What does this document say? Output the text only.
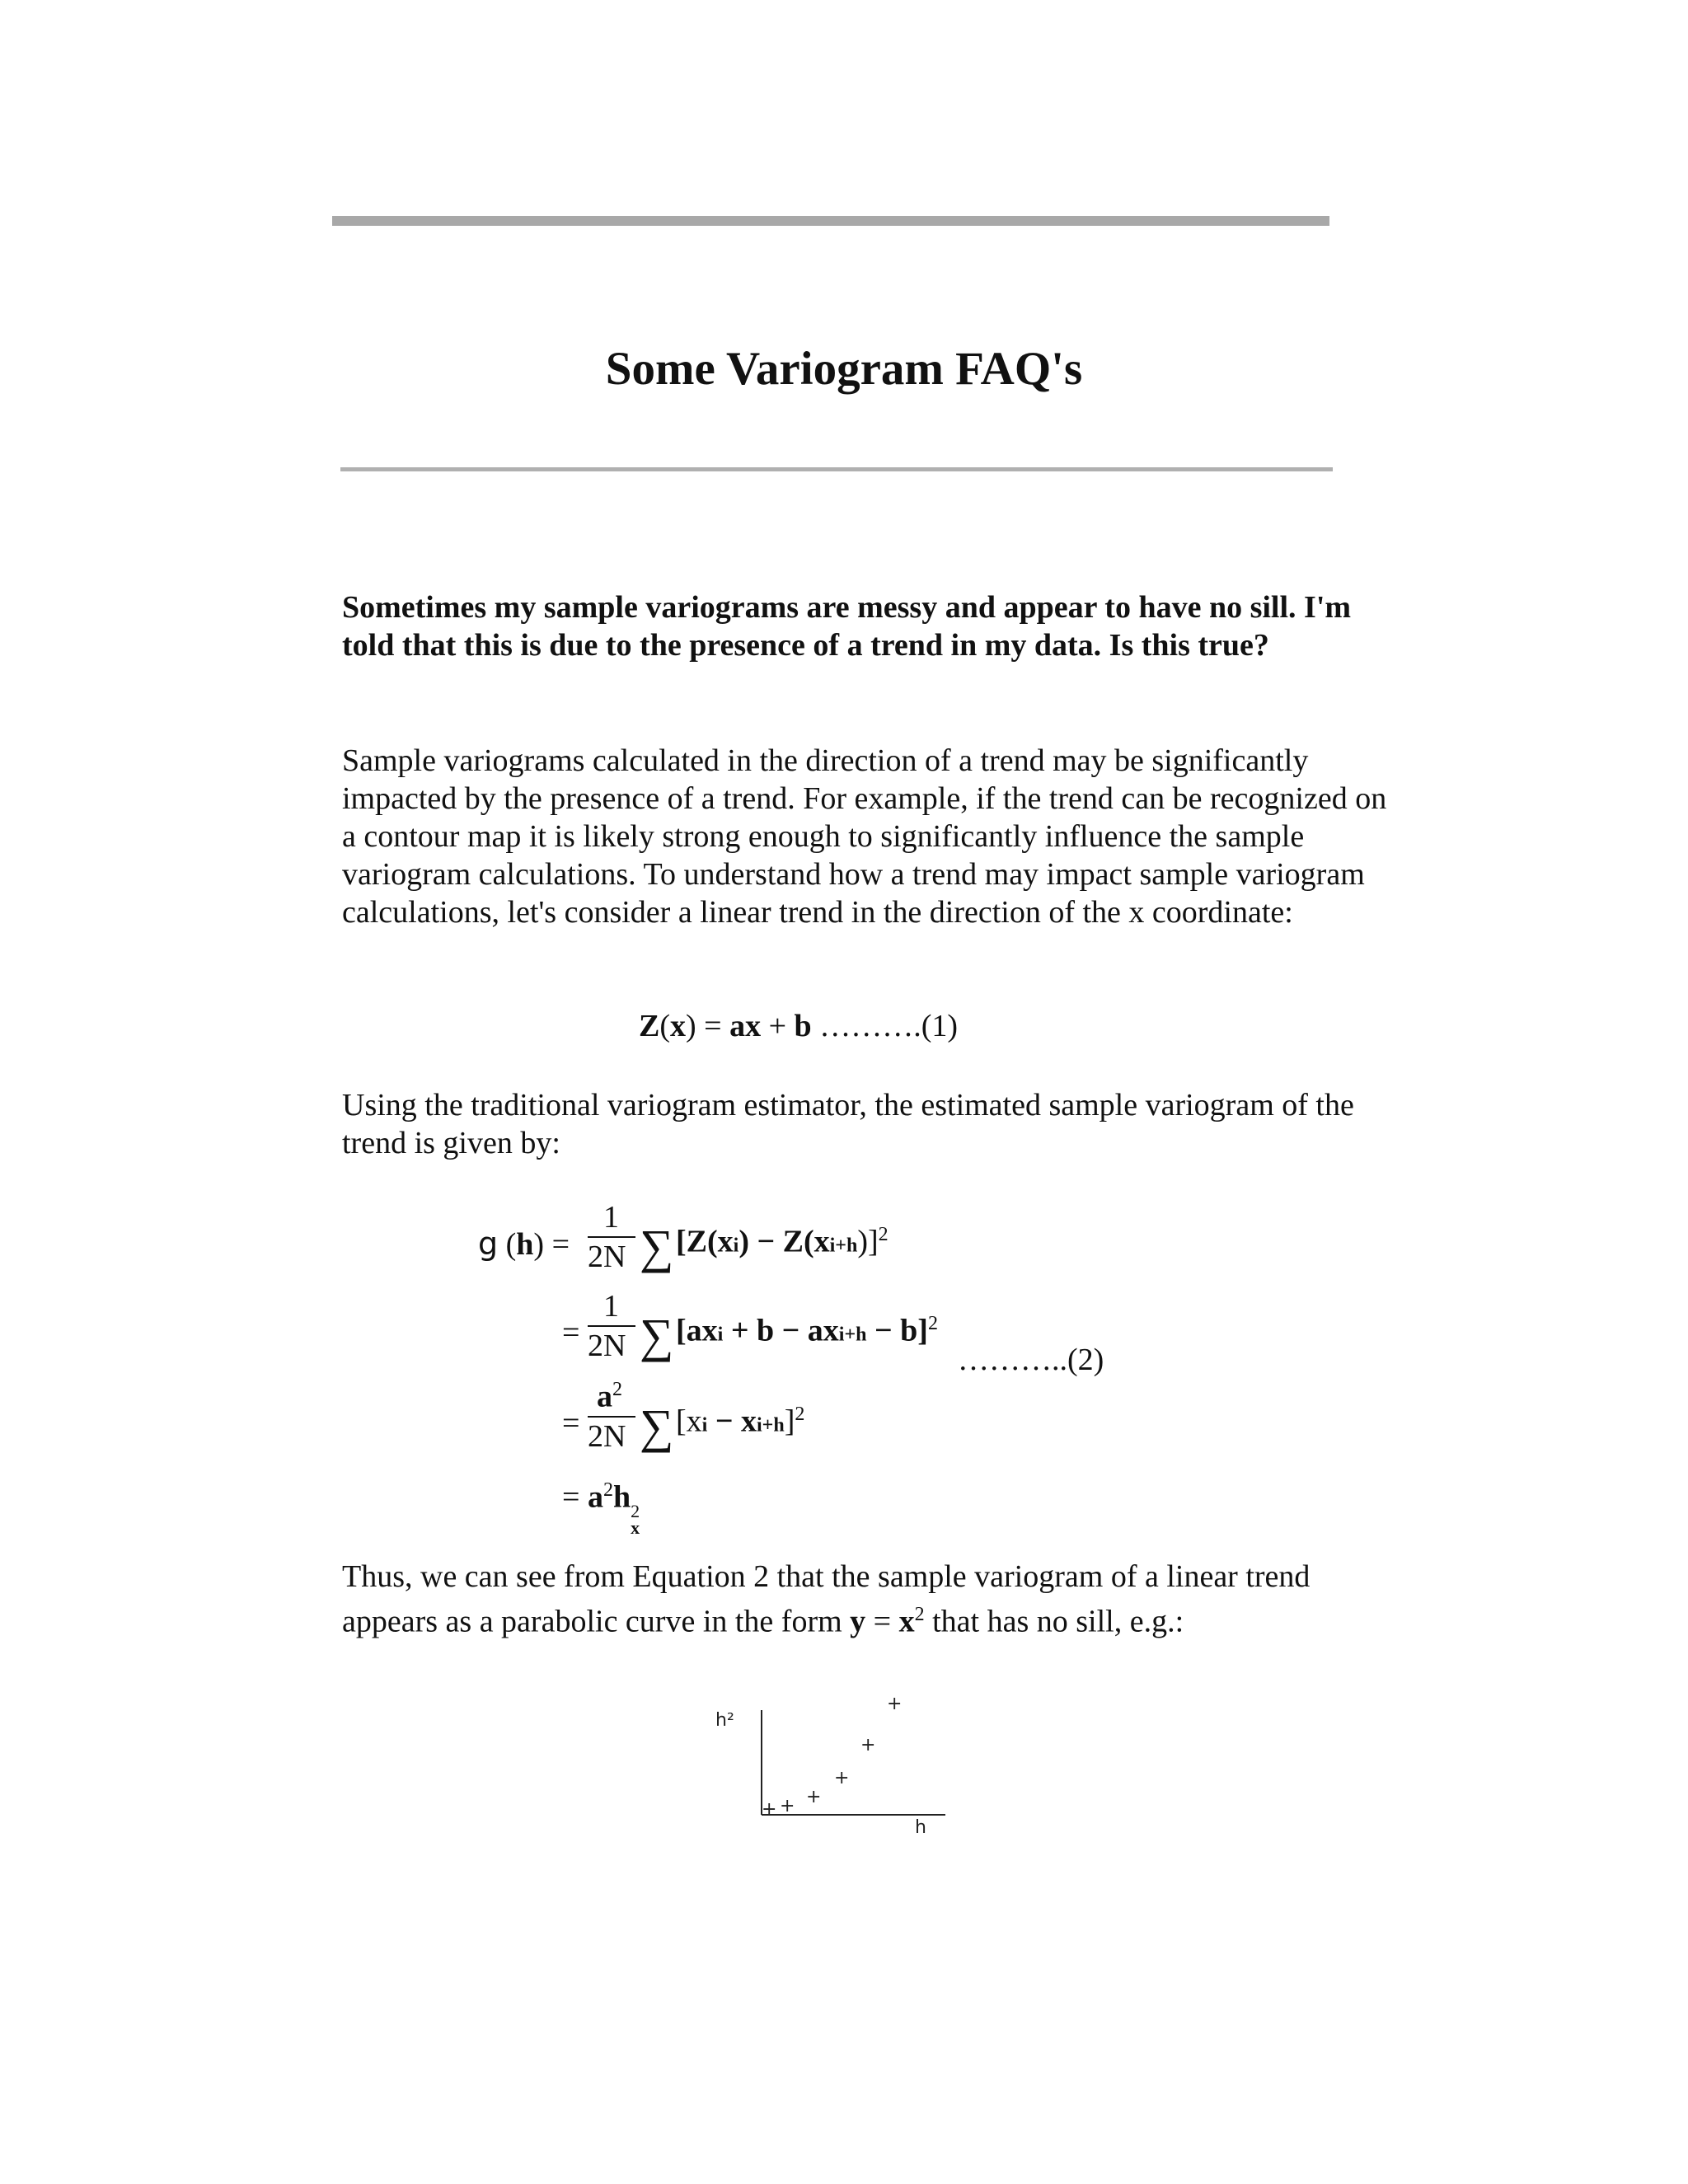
Some Variogram FAQ's
Sometimes my sample variograms are messy and appear to have no sill. I'm told that this is due to the presence of a trend in my data. Is this true?
Sample variograms calculated in the direction of a trend may be significantly impacted by the presence of a trend. For example, if the trend can be recognized on a contour map it is likely strong enough to significantly influence the sample variogram calculations. To understand how a trend may impact sample variogram calculations, let's consider a linear trend in the direction of the x coordinate:
Z(x) = ax + b ……….(1)
Using the traditional variogram estimator, the estimated sample variogram of the trend is given by:
g (h) =
1
2N ∑ $[Z(xi) - Z(xi+h)]^2$
=
1
2N ∑ [axi + b − axi+h − b]$^2$
=
$a^2$
2N ∑ [xi − xi+h]$^2$
= $a^2h$ 2
x
………..(2)
Thus, we can see from Equation 2 that the sample variogram of a linear trend appears as a parabolic curve in the form $y = x^2$ that has no sill, e.g.:
h²
h
+ + +
+
+
+
